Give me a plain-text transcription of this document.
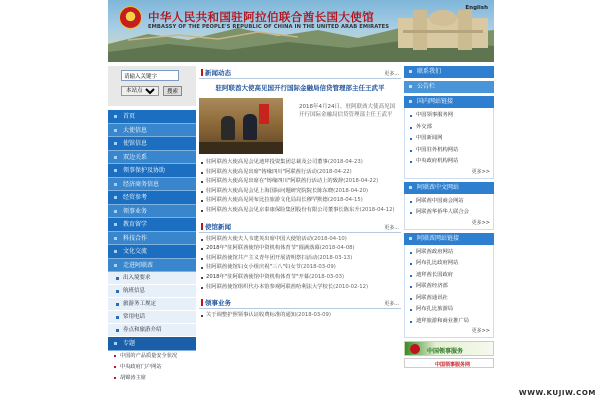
中华人民共和国驻阿拉伯联合酋长国大使馆
EMBASSY OF THE PEOPLE'S REPUBLIC OF CHINA IN THE UNITED ARAB EMIRATES
English
请输入关键字
本站点
搜索
首页
大使信息
使馆信息
双边关系
领事保护及协助
经济商务信息
经贸参考
领事业务
教育留学
科技合作
文化交流
走进阿联酋
出入境要求
航班信息
旅游务工规定
常用电话
券点和旅游介绍
专题
中国的产品质量安全状况
中央政府门户网站
胡锦涛主席
新闻动态	更多...
驻阿联酋大使高见国开行国际金融局信贷管理部主任王武平
2018年4月24日，驻阿联酋大使高见国开行国际金融局信贷管理部主任王武平
驻阿联酋大使高见会见迪拜投资集团总裁及公司董事(2018-04-23)
驻阿联酋大使高见出席"铸缘四川"阿联酋行活动(2018-04-22)
驻阿联酋大使高见出席在"铸缘四川"阿联酋行活动上的致辞(2018-04-22)
驻阿联酋大使高见会见上海国际问题研究院院长陈东晓(2018-04-20)
驻阿联酋大使高见同布比拉旅游文化局局长穆罕默德(2018-04-15)
驻阿联酋大使高见会见京泰康保险集团股份有限公司董事长陈东升(2018-04-12)
使馆新闻	更多...
驻阿联酋大使夫人韦建英出席中国大使馆活动(2018-04-10)
2018年"驻阿联酋使馆中资机构体育节"圆满落幕(2018-04-08)
驻阿联酋使馆共产主义青年团开展清明祭扫活动(2018-03-13)
驻阿联酋使馆妇女小组庆祝"三八"妇女节(2018-03-09)
2018年"驻阿联酋使馆中资机构体育节"开幕(2018-03-03)
驻阿联酋使馆组织代办本馆参观阿联酋哈利法大学校长(2010-02-12)
领事业务	更多...
关于调整护照领事认证收费标准的通知(2018-03-09)
联系我们
公告栏
国内网站链接
中国领事服务网
外交部
中国新闻网
中国驻外机构网站
中央政府机构网站
更多>>
阿联酋中文网站
阿联酋中国商会网站
阿联酋华侨华人联合会
更多>>
阿联酋网站链接
阿联酋政府网站
阿布扎比政府网站
迪拜酋长国政府
阿联酋经济部
阿联酋通讯社
阿布扎比旅游局
迪拜旅游和商业推广局
更多>>
中国领事服务
中国领事服务网
WWW.KUJIW.COM
